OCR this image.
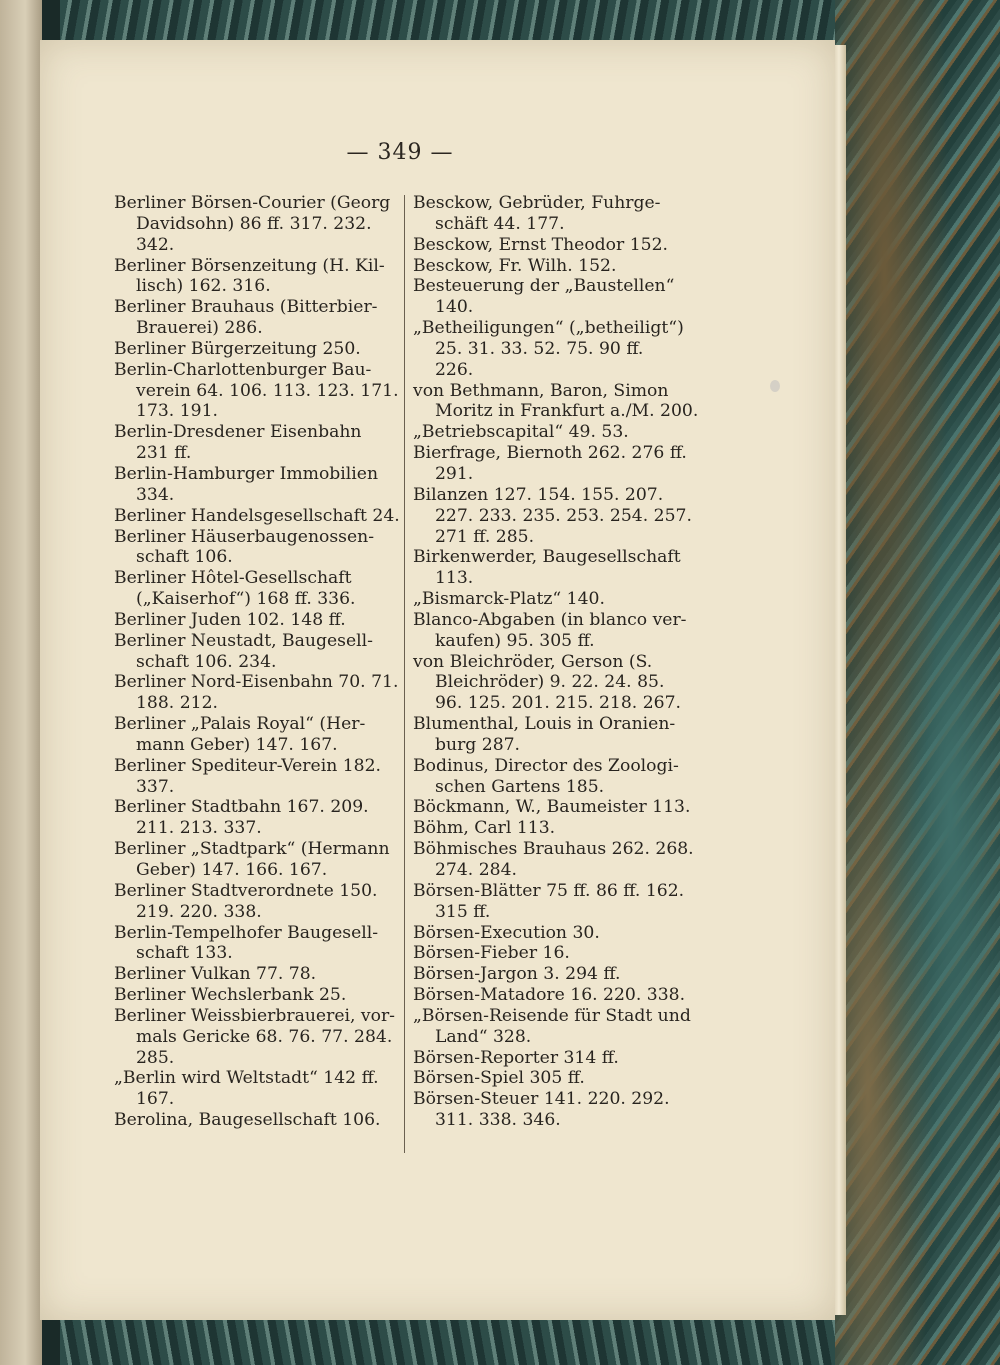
— 349 —
Berliner Börsen-Courier (Georg
Davidsohn) 86 ff. 317. 232.
342.
Berliner Börsenzeitung (H. Kil-
lisch) 162. 316.
Berliner Brauhaus (Bitterbier-
Brauerei) 286.
Berliner Bürgerzeitung 250.
Berlin-Charlottenburger Bau-
verein 64. 106. 113. 123. 171.
173. 191.
Berlin-Dresdener Eisenbahn
231 ff.
Berlin-Hamburger Immobilien
334.
Berliner Handelsgesellschaft 24.
Berliner Häuserbaugenossen-
schaft 106.
Berliner Hôtel-Gesellschaft
(„Kaiserhof“) 168 ff. 336.
Berliner Juden 102. 148 ff.
Berliner Neustadt, Baugesell-
schaft 106. 234.
Berliner Nord-Eisenbahn 70. 71.
188. 212.
Berliner „Palais Royal“ (Her-
mann Geber) 147. 167.
Berliner Spediteur-Verein 182.
337.
Berliner Stadtbahn 167. 209.
211. 213. 337.
Berliner „Stadtpark“ (Hermann
Geber) 147. 166. 167.
Berliner Stadtverordnete 150.
219. 220. 338.
Berlin-Tempelhofer Baugesell-
schaft 133.
Berliner Vulkan 77. 78.
Berliner Wechslerbank 25.
Berliner Weissbierbrauerei, vor-
mals Gericke 68. 76. 77. 284.
285.
„Berlin wird Weltstadt“ 142 ff.
167.
Berolina, Baugesellschaft 106.
Besckow, Gebrüder, Fuhrge-
schäft 44. 177.
Besckow, Ernst Theodor 152.
Besckow, Fr. Wilh. 152.
Besteuerung der „Baustellen“
140.
„Betheiligungen“ („betheiligt“)
25. 31. 33. 52. 75. 90 ff.
226.
von Bethmann, Baron, Simon
Moritz in Frankfurt a./M. 200.
„Betriebscapital“ 49. 53.
Bierfrage, Biernoth 262. 276 ff.
291.
Bilanzen 127. 154. 155. 207.
227. 233. 235. 253. 254. 257.
271 ff. 285.
Birkenwerder, Baugesellschaft
113.
„Bismarck-Platz“ 140.
Blanco-Abgaben (in blanco ver-
kaufen) 95. 305 ff.
von Bleichröder, Gerson (S.
Bleichröder) 9. 22. 24. 85.
96. 125. 201. 215. 218. 267.
Blumenthal, Louis in Oranien-
burg 287.
Bodinus, Director des Zoologi-
schen Gartens 185.
Böckmann, W., Baumeister 113.
Böhm, Carl 113.
Böhmisches Brauhaus 262. 268.
274. 284.
Börsen-Blätter 75 ff. 86 ff. 162.
315 ff.
Börsen-Execution 30.
Börsen-Fieber 16.
Börsen-Jargon 3. 294 ff.
Börsen-Matadore 16. 220. 338.
„Börsen-Reisende für Stadt und
Land“ 328.
Börsen-Reporter 314 ff.
Börsen-Spiel 305 ff.
Börsen-Steuer 141. 220. 292.
311. 338. 346.
